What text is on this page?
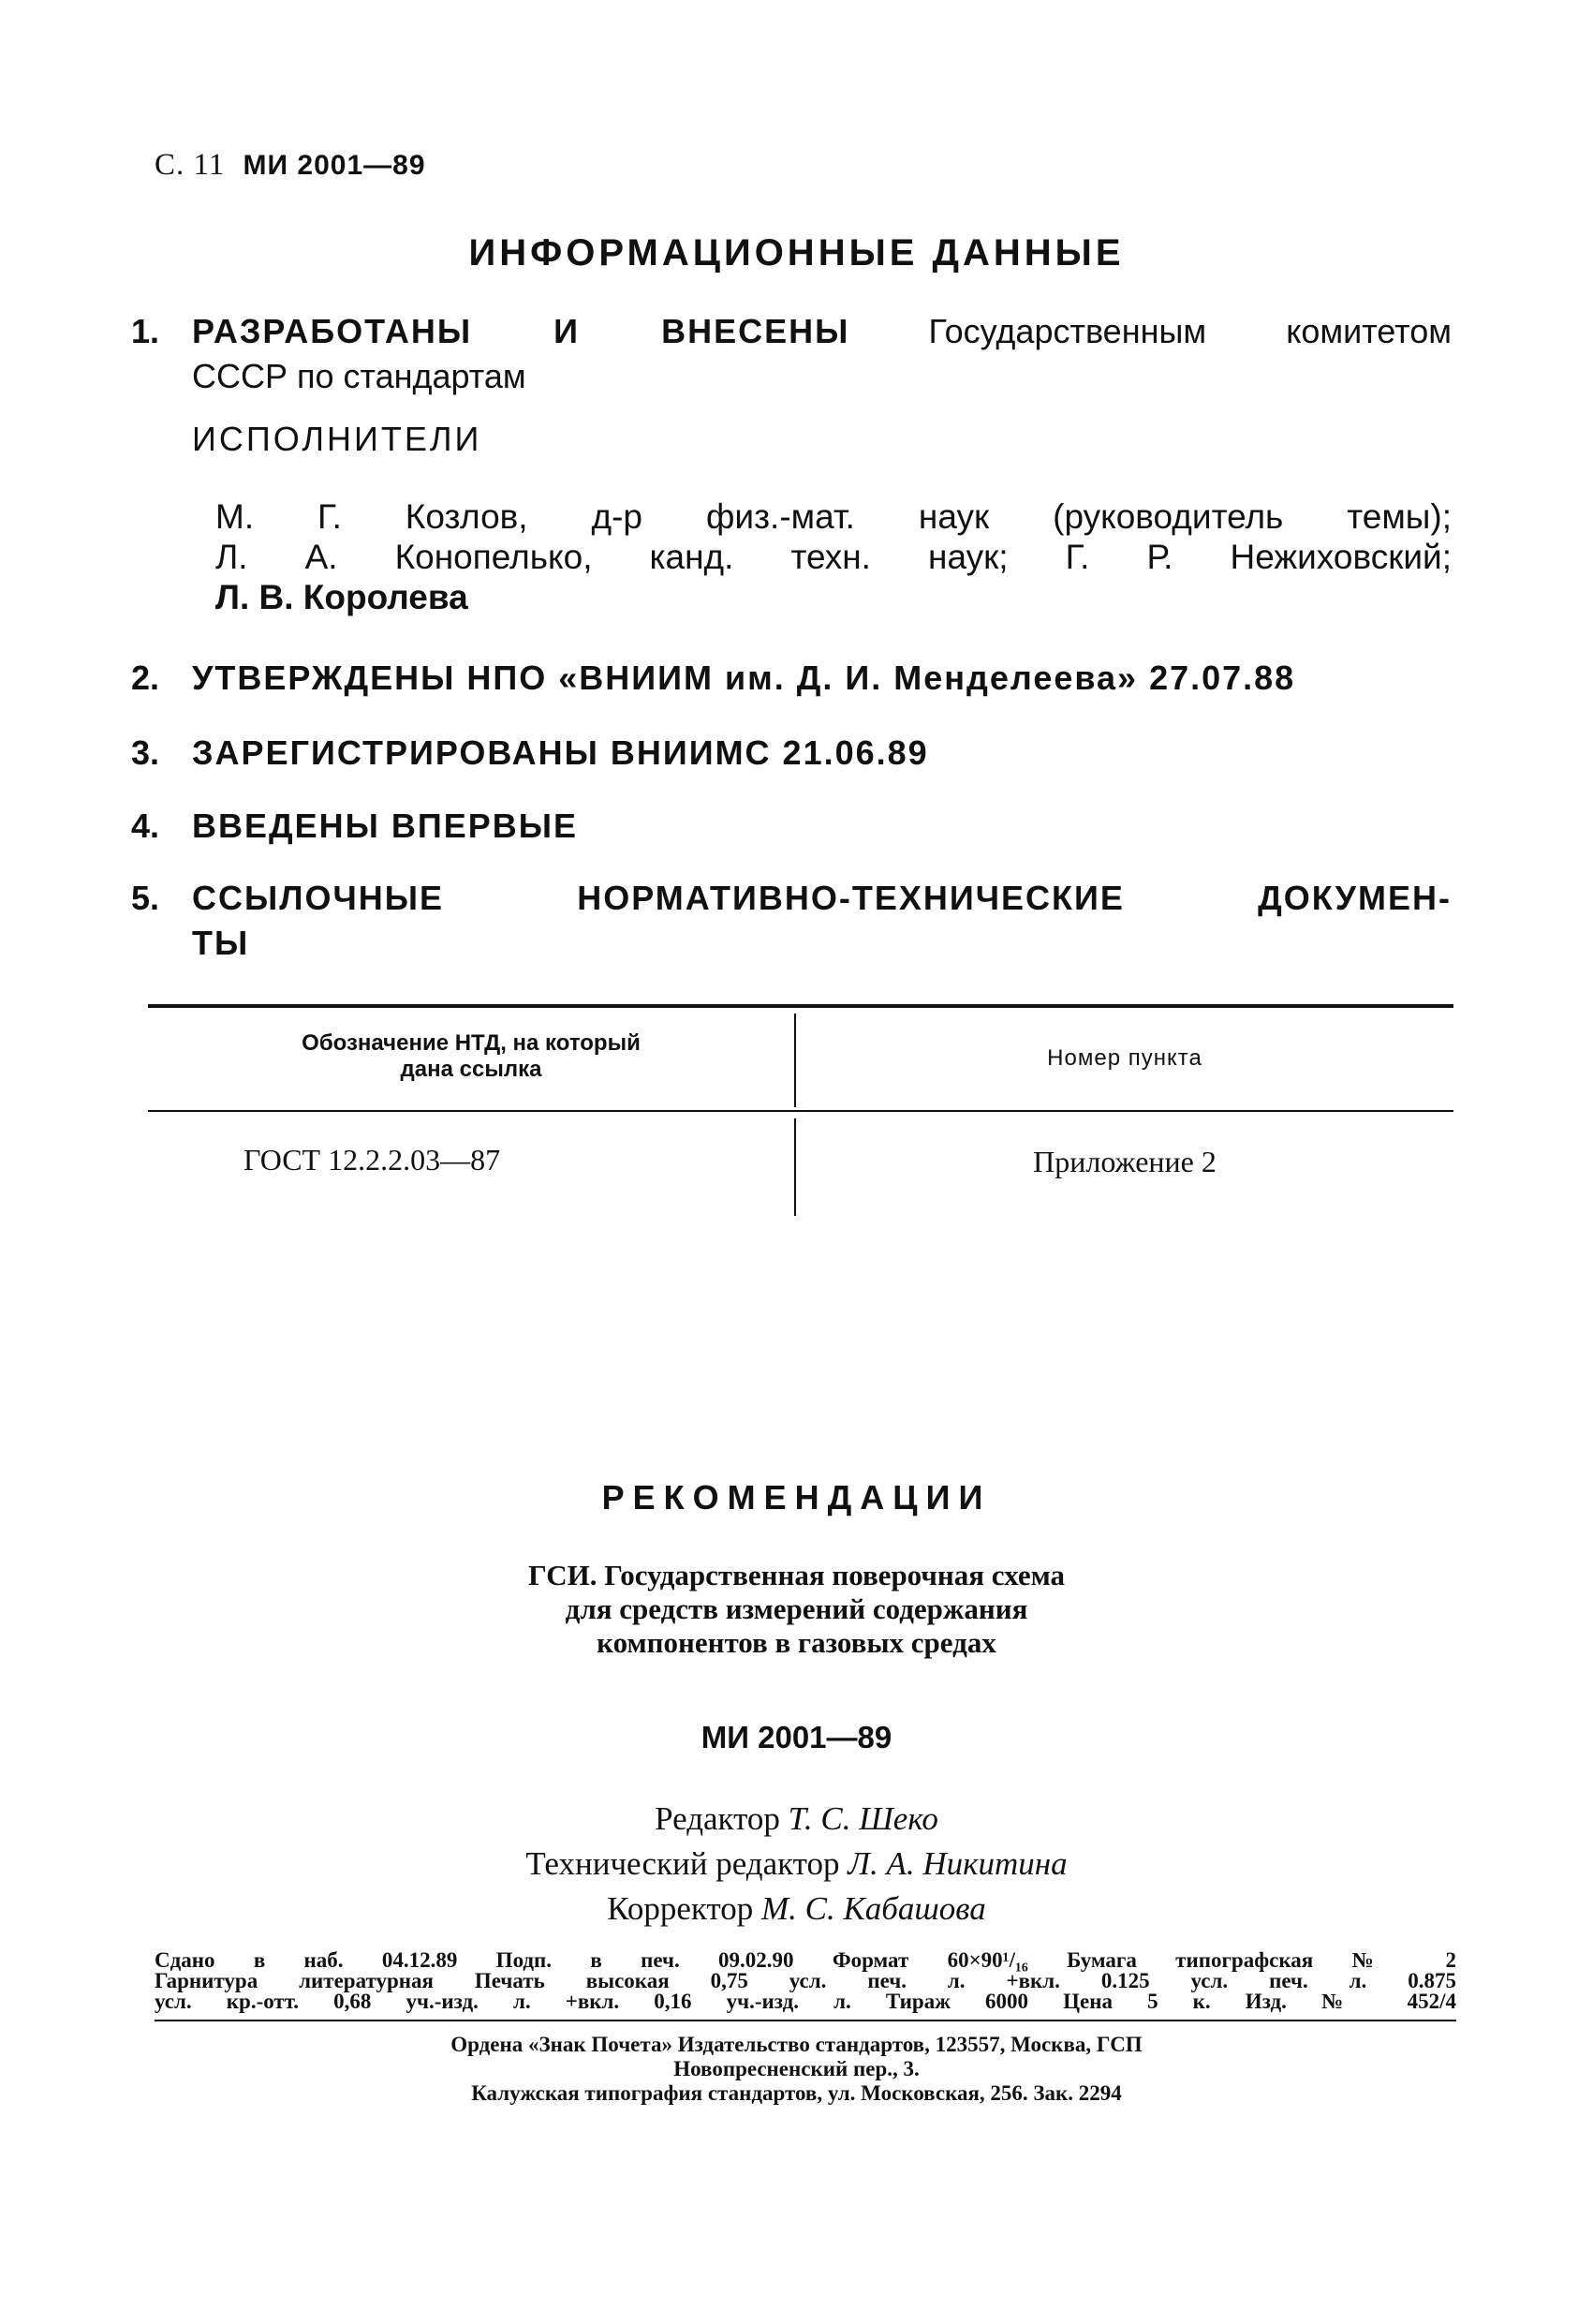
С. 11 МИ 2001—89
ИНФОРМАЦИОННЫЕ ДАННЫЕ
1. РАЗРАБОТАНЫ И ВНЕСЕНЫ Государственным комитетом
СССР по стандартам
ИСПОЛНИТЕЛИ
М. Г. Козлов, д-р физ.-мат. наук (руководитель темы);
Л. А. Конопелько, канд. техн. наук; Г. Р. Нежиховский;
Л. В. Королева
2. УТВЕРЖДЕНЫ НПО «ВНИИМ им. Д. И. Менделеева» 27.07.88
3. ЗАРЕГИСТРИРОВАНЫ ВНИИМС 21.06.89
4. ВВЕДЕНЫ ВПЕРВЫЕ
5. ССЫЛОЧНЫЕ НОРМАТИВНО-ТЕХНИЧЕСКИЕ ДОКУМЕН-
ТЫ
Обозначение НТД, на который
дана ссылка	Номер пункта
ГОСТ 12.2.2.03—87	Приложение 2
РЕКОМЕНДАЦИИ
ГСИ. Государственная поверочная схема
для средств измерений содержания
компонентов в газовых средах
МИ 2001—89
Редактор Т. С. Шеко
Технический редактор Л. А. Никитина
Корректор М. С. Кабашова
Сдано в наб. 04.12.89 Подп. в печ. 09.02.90 Формат 60×90¹/₁₆ Бумага типографская № 2
Гарнитура литературная Печать высокая 0,75 усл. печ. л. +вкл. 0.125 усл. печ. л. 0.875
усл. кр.-отт. 0,68 уч.-изд. л. +вкл. 0,16 уч.-изд. л. Тираж 6000 Цена 5 к. Изд. № 452/4
Ордена «Знак Почета» Издательство стандартов, 123557, Москва, ГСП
Новопресненский пер., 3.
Калужская типография стандартов, ул. Московская, 256. Зак. 2294
